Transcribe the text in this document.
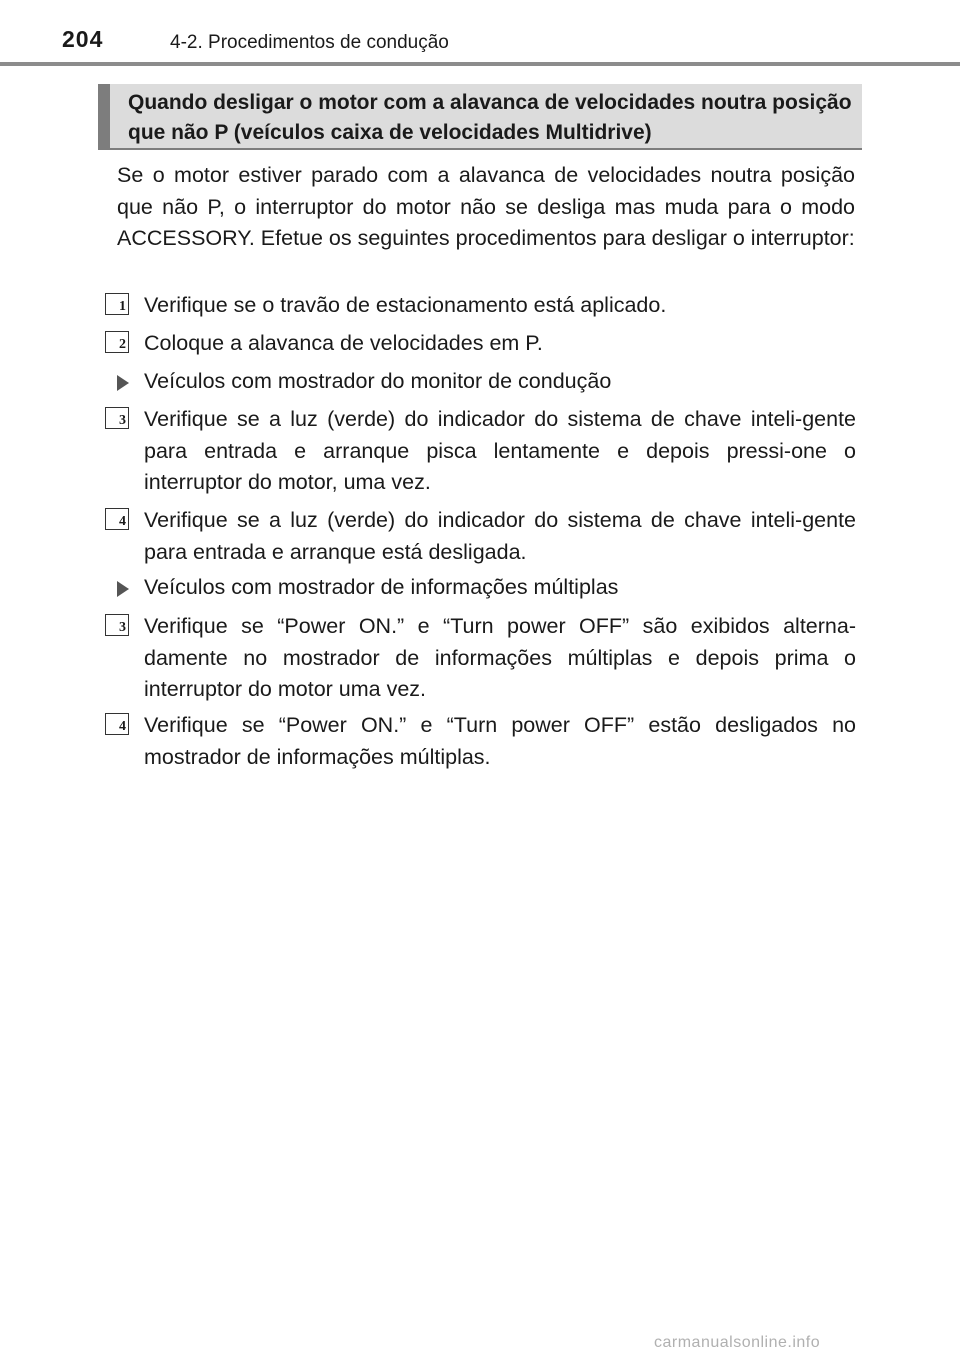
204	4-2. Procedimentos de condução
Quando desligar o motor com a alavanca de velocidades noutra posição que não P (veículos caixa de velocidades Multidrive)
Se o motor estiver parado com a alavanca de velocidades noutra posição que não P, o interruptor do motor não se desliga mas muda para o modo ACCESSORY. Efetue os seguintes procedimentos para desligar o interruptor:
1 Verifique se o travão de estacionamento está aplicado.
2 Coloque a alavanca de velocidades em P.
Veículos com mostrador do monitor de condução
3 Verifique se a luz (verde) do indicador do sistema de chave inteli-gente para entrada e arranque pisca lentamente e depois pressi-one o interruptor do motor, uma vez.
4 Verifique se a luz (verde) do indicador do sistema de chave inteli-gente para entrada e arranque está desligada.
Veículos com mostrador de informações múltiplas
3 Verifique se “Power ON.” e “Turn power OFF” são exibidos alterna-damente no mostrador de informações múltiplas e depois prima o interruptor do motor uma vez.
4 Verifique se “Power ON.” e “Turn power OFF” estão desligados no mostrador de informações múltiplas.
carmanualsonline.info
